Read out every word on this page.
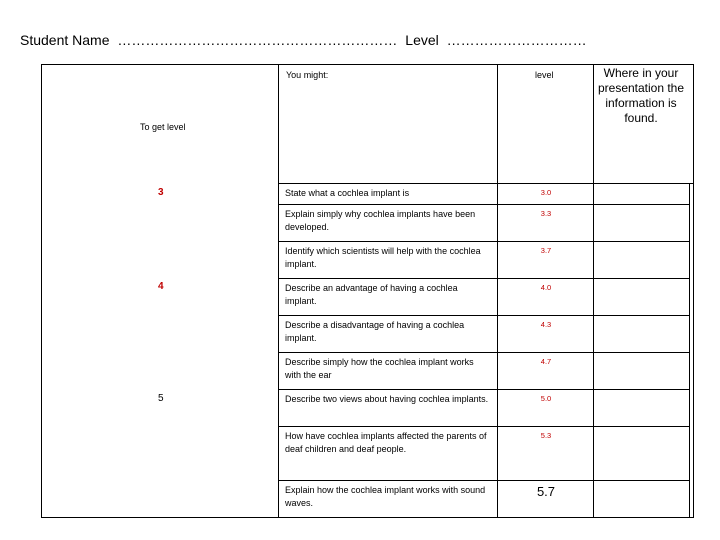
Student Name …………………………………………………… Level …………………………
You might:	level	Where in your presentation the information is found.
To get level
3
4
5
State what a cochlea implant is
Explain simply why cochlea implants have been developed.
Identify which scientists will help with the cochlea implant.
Describe an advantage of having a cochlea implant.
Describe a disadvantage of having a cochlea implant.
Describe simply how the cochlea implant works with the ear
Describe two views about having cochlea implants.
How have cochlea implants affected the parents of deaf children and deaf people.
Explain how the cochlea implant works with sound waves.
3.0
3.3
3.7
4.0
4.3
4.7
5.0
5.3
5.7
